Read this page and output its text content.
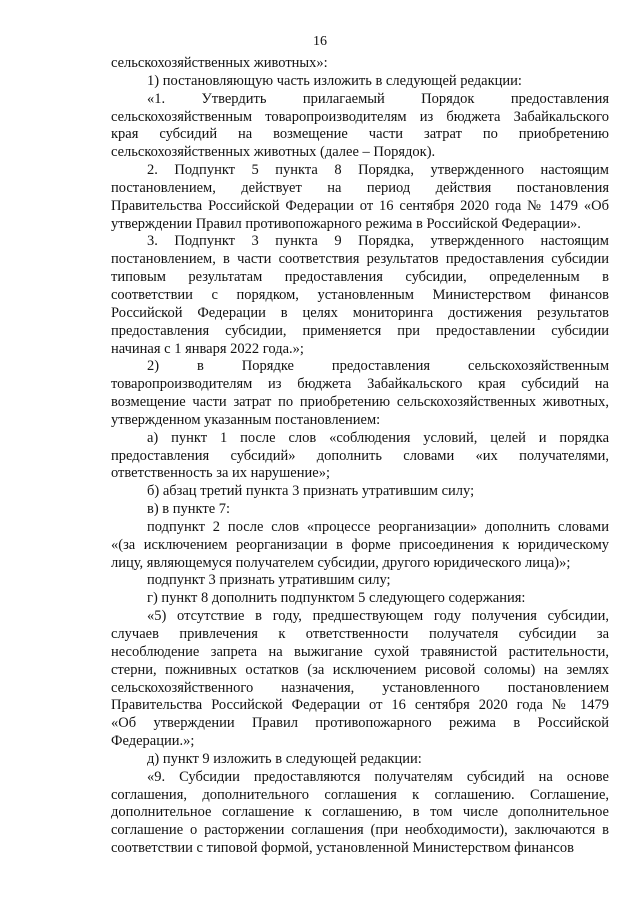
16
сельскохозяйственных животных»:
1) постановляющую часть изложить в следующей редакции:
«1. Утвердить прилагаемый Порядок предоставления
сельскохозяйственным товаропроизводителям из бюджета Забайкальского
края субсидий на возмещение части затрат по приобретению
сельскохозяйственных животных (далее – Порядок).
2. Подпункт 5 пункта 8 Порядка, утвержденного настоящим
постановлением, действует на период действия постановления
Правительства Российской Федерации от 16 сентября 2020 года № 1479 «Об
утверждении Правил противопожарного режима в Российской Федерации».
3. Подпункт 3 пункта 9 Порядка, утвержденного настоящим
постановлением, в части соответствия результатов предоставления субсидии
типовым результатам предоставления субсидии, определенным в
соответствии с порядком, установленным Министерством финансов
Российской Федерации в целях мониторинга достижения результатов
предоставления субсидии, применяется при предоставлении субсидии
начиная с 1 января 2022 года.»;
2) в Порядке предоставления сельскохозяйственным
товаропроизводителям из бюджета Забайкальского края субсидий на
возмещение части затрат по приобретению сельскохозяйственных животных,
утвержденном указанным постановлением:
а) пункт 1 после слов «соблюдения условий, целей и порядка
предоставления субсидий» дополнить словами «их получателями,
ответственность за их нарушение»;
б) абзац третий пункта 3 признать утратившим силу;
в) в пункте 7:
подпункт 2 после слов «процессе реорганизации» дополнить словами
«(за исключением реорганизации в форме присоединения к юридическому
лицу, являющемуся получателем субсидии, другого юридического лица)»;
подпункт 3 признать утратившим силу;
г) пункт 8 дополнить подпунктом 5 следующего содержания:
«5) отсутствие в году, предшествующем году получения субсидии,
случаев привлечения к ответственности получателя субсидии за
несоблюдение запрета на выжигание сухой травянистой растительности,
стерни, пожнивных остатков (за исключением рисовой соломы) на землях
сельскохозяйственного назначения, установленного постановлением
Правительства Российской Федерации от 16 сентября 2020 года № 1479
«Об утверждении Правил противопожарного режима в Российской
Федерации.»;
д) пункт 9 изложить в следующей редакции:
«9. Субсидии предоставляются получателям субсидий на основе
соглашения, дополнительного соглашения к соглашению. Соглашение,
дополнительное соглашение к соглашению, в том числе дополнительное
соглашение о расторжении соглашения (при необходимости), заключаются в
соответствии с типовой формой, установленной Министерством финансов
